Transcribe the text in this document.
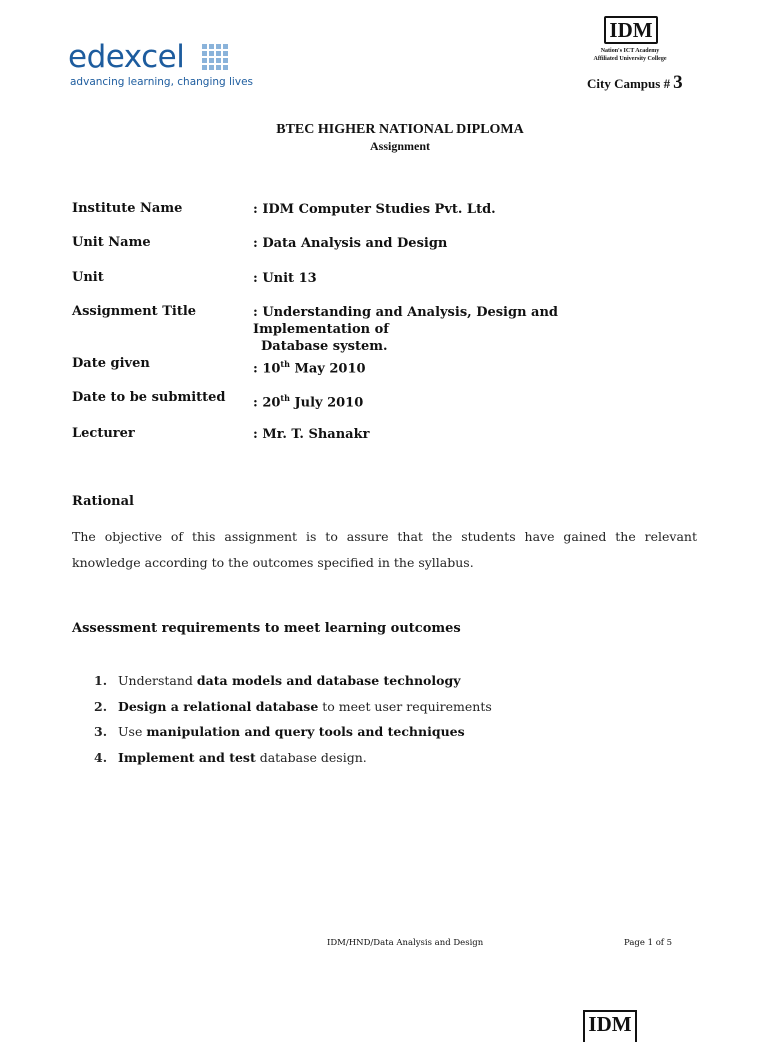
edexcel
advancing learning, changing lives
IDM
Nation's ICT Academy
Affiliated University College
City Campus # 3
BTEC HIGHER NATIONAL DIPLOMA
Assignment
Institute Name	: IDM Computer Studies Pvt. Ltd.
Unit Name	: Data Analysis and Design
Unit	: Unit 13
Assignment Title	: Understanding and Analysis, Design and Implementation of
Database system.
Date given	: 10th May 2010
Date to be submitted : 20th July 2010
Lecturer	: Mr. T. Shanakr
Rational
The objective of this assignment is to assure that the students have gained the relevant knowledge according to the outcomes specified in the syllabus.
Assessment requirements to meet learning outcomes
1. Understand data models and database technology
2. Design a relational database to meet user requirements
3. Use manipulation and query tools and techniques
4. Implement and test database design.
IDM/HND/Data Analysis and Design	Page 1 of 5
IDM
